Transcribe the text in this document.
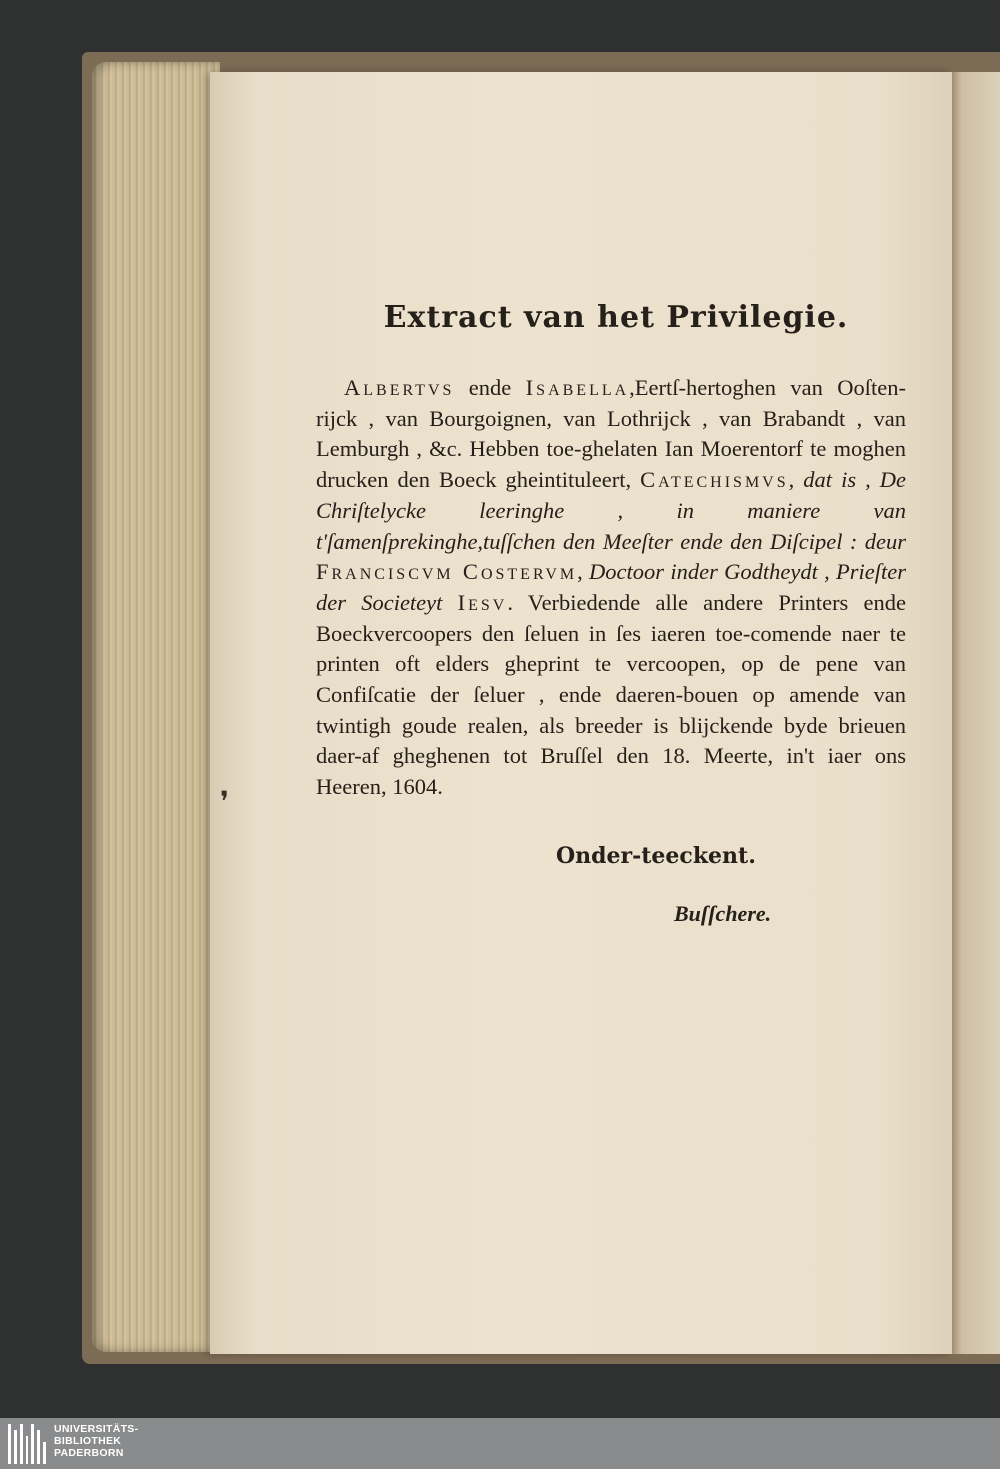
❜
Extract van het Privilegie.
Albertvs ende Isabella,Eertſ-hertoghen van Ooſten-rijck , van Bourgoignen, van Lothrijck , van Brabandt , van Lemburgh , &c. Hebben toe-ghelaten Ian Moerentorf te moghen drucken den Boeck gheintituleert, Catechismvs, dat is , De Chriſtelycke leeringhe , in maniere van t'ſamenſprekinghe,tuſſchen den Meeſter ende den Diſcipel : deur Franciscvm Costervm, Doctoor inder Godtheydt , Prieſter der Societeyt Iesv. Verbiedende alle andere Printers ende Boeckvercoopers den ſeluen in ſes iaeren toe-comende naer te printen oft elders gheprint te vercoopen, op de pene van Confiſcatie der ſeluer , ende daeren-bouen op amende van twintigh goude realen, als breeder is blijckende byde brieuen daer-af gheghenen tot Bruſſel den 18. Meerte, in't iaer ons Heeren, 1604.
Onder-teeckent.
Buſſchere.
UNIVERSITÄTS-
BIBLIOTHEK
PADERBORN
